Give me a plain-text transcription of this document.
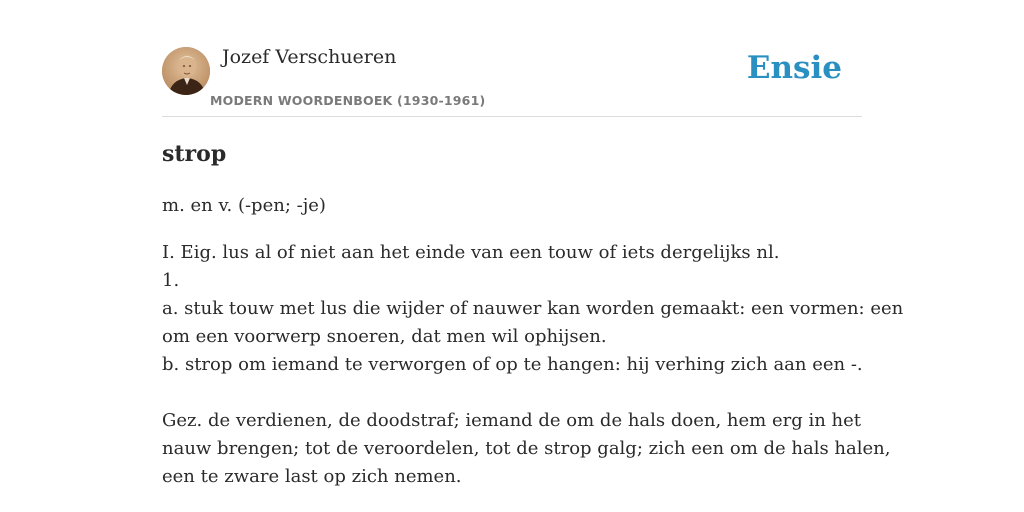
Jozef Verschueren
MODERN WOORDENBOEK (1930-1961)
Ensie
strop
m. en v. (-pen; -je)
I. Eig. lus al of niet aan het einde van een touw of iets dergelijks nl.
1.
a. stuk touw met lus die wijder of nauwer kan worden gemaakt: een vormen: een
om een voorwerp snoeren, dat men wil ophijsen.
b. strop om iemand te verworgen of op te hangen: hij verhing zich aan een -.
Gez. de verdienen, de doodstraf; iemand de om de hals doen, hem erg in het
nauw brengen; tot de veroordelen, tot de strop galg; zich een om de hals halen,
een te zware last op zich nemen.
